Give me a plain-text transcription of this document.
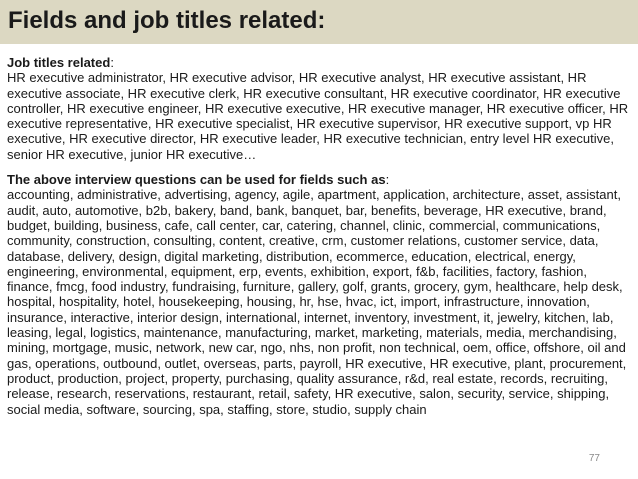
Fields and job titles related:

Job titles related:

HR executive administrator, HR executive advisor, HR executive analyst, HR executive assistant, HR executive associate, HR executive clerk, HR executive consultant, HR executive coordinator, HR executive controller, HR executive engineer, HR executive executive, HR executive manager, HR executive officer, HR executive representative, HR executive specialist, HR executive supervisor, HR executive support, vp HR executive, HR executive director, HR executive leader, HR executive technician, entry level HR executive, senior HR executive, junior HR executive…

The above interview questions can be used for fields such as:

accounting, administrative, advertising, agency, agile, apartment, application, architecture, asset, assistant, audit, auto, automotive, b2b, bakery, band, bank, banquet, bar, benefits, beverage, HR executive, brand, budget, building, business, cafe, call center, car, catering, channel, clinic, commercial, communications, community, construction, consulting, content, creative, crm, customer relations, customer service, data, database, delivery, design, digital marketing, distribution, ecommerce, education, electrical, energy, engineering, environmental, equipment, erp, events, exhibition, export, f&b, facilities, factory, fashion, finance, fmcg, food industry, fundraising, furniture, gallery, golf, grants, grocery, gym, healthcare, help desk, hospital, hospitality, hotel, housekeeping, housing, hr, hse, hvac, ict, import, infrastructure, innovation, insurance, interactive, interior design, international, internet, inventory, investment, it, jewelry, kitchen, lab, leasing, legal, logistics, maintenance, manufacturing, market, marketing, materials, media, merchandising, mining, mortgage, music, network, new car, ngo, nhs, non profit, non technical, oem, office, offshore, oil and gas, operations, outbound, outlet, overseas, parts, payroll, HR executive, HR executive, plant, procurement, product, production, project, property, purchasing, quality assurance, r&d, real estate, records, recruiting, release, research, reservations, restaurant, retail, safety, HR executive, salon, security, service, shipping, social media, software, sourcing, spa, staffing, store, studio, supply chain

77
